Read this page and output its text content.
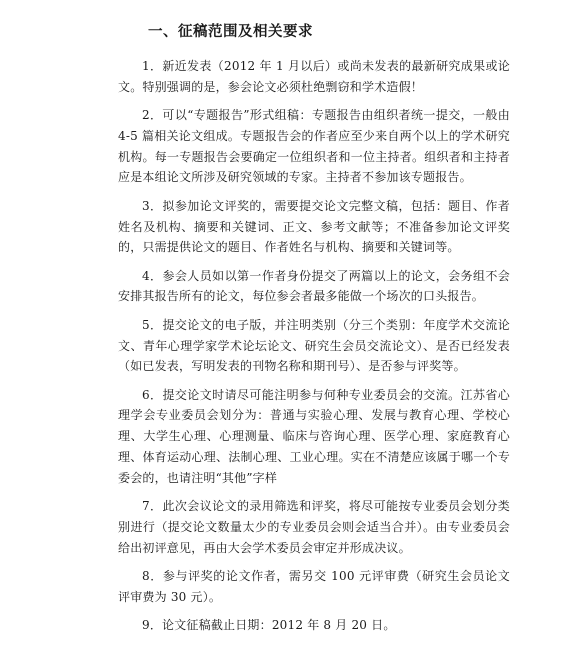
一、征稿范围及相关要求

1．新近发表（2012 年 1 月以后）或尚未发表的最新研究成果或论文。特别强调的是，参会论文必须杜绝剽窃和学术造假！

2．可以“专题报告”形式组稿：专题报告由组织者统一提交，一般由4-5 篇相关论文组成。专题报告会的作者应至少来自两个以上的学术研究机构。每一专题报告会要确定一位组织者和一位主持者。组织者和主持者应是本组论文所涉及研究领域的专家。主持者不参加该专题报告。

3．拟参加论文评奖的，需要提交论文完整文稿，包括：题目、作者姓名及机构、摘要和关键词、正文、参考文献等；不准备参加论文评奖的，只需提供论文的题目、作者姓名与机构、摘要和关键词等。

4．参会人员如以第一作者身份提交了两篇以上的论文，会务组不会安排其报告所有的论文，每位参会者最多能做一个场次的口头报告。

5．提交论文的电子版，并注明类别（分三个类别：年度学术交流论文、青年心理学家学术论坛论文、研究生会员交流论文）、是否已经发表（如已发表，写明发表的刊物名称和期刊号）、是否参与评奖等。

6．提交论文时请尽可能注明参与何种专业委员会的交流。江苏省心理学会专业委员会划分为：普通与实验心理、发展与教育心理、学校心理、大学生心理、心理测量、临床与咨询心理、医学心理、家庭教育心理、体育运动心理、法制心理、工业心理。实在不清楚应该属于哪一个专委会的，也请注明“其他”字样

7．此次会议论文的录用筛选和评奖，将尽可能按专业委员会划分类别进行（提交论文数量太少的专业委员会则会适当合并）。由专业委员会给出初评意见，再由大会学术委员会审定并形成决议。

8．参与评奖的论文作者，需另交 100 元评审费（研究生会员论文评审费为 30 元）。

9．论文征稿截止日期：2012 年 8 月 20 日。
